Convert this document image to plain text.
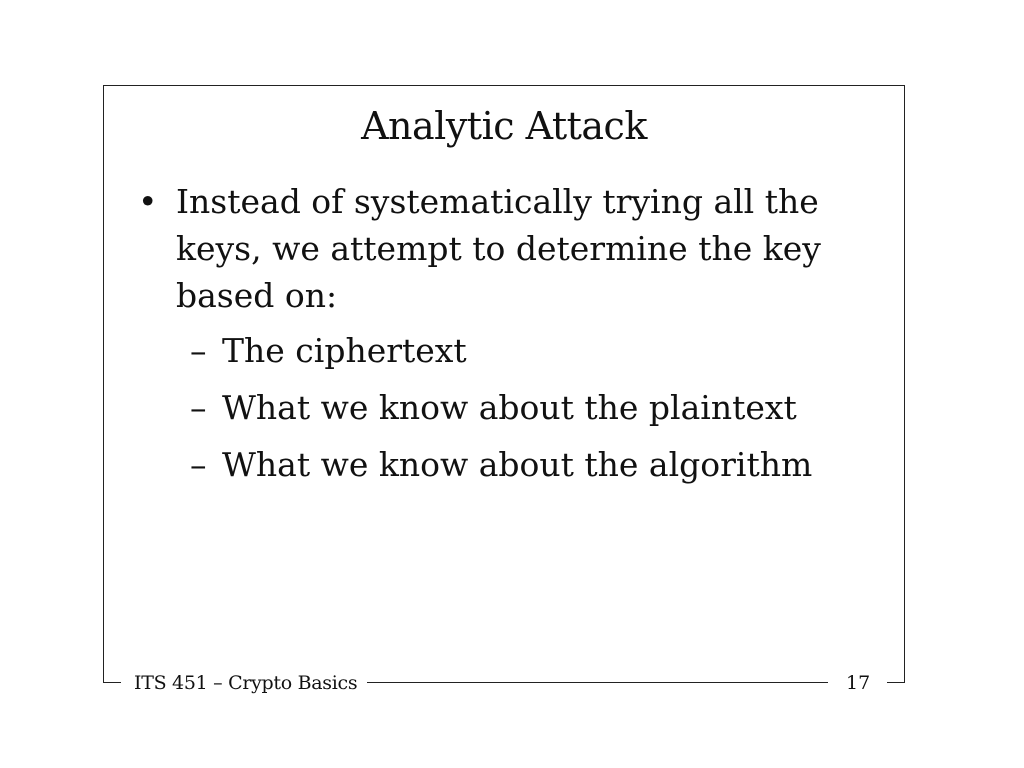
Analytic Attack
• Instead of systematically trying all the keys, we attempt to determine the key based on:
– The ciphertext
– What we know about the plaintext
– What we know about the algorithm
ITS 451 – Crypto Basics	17
